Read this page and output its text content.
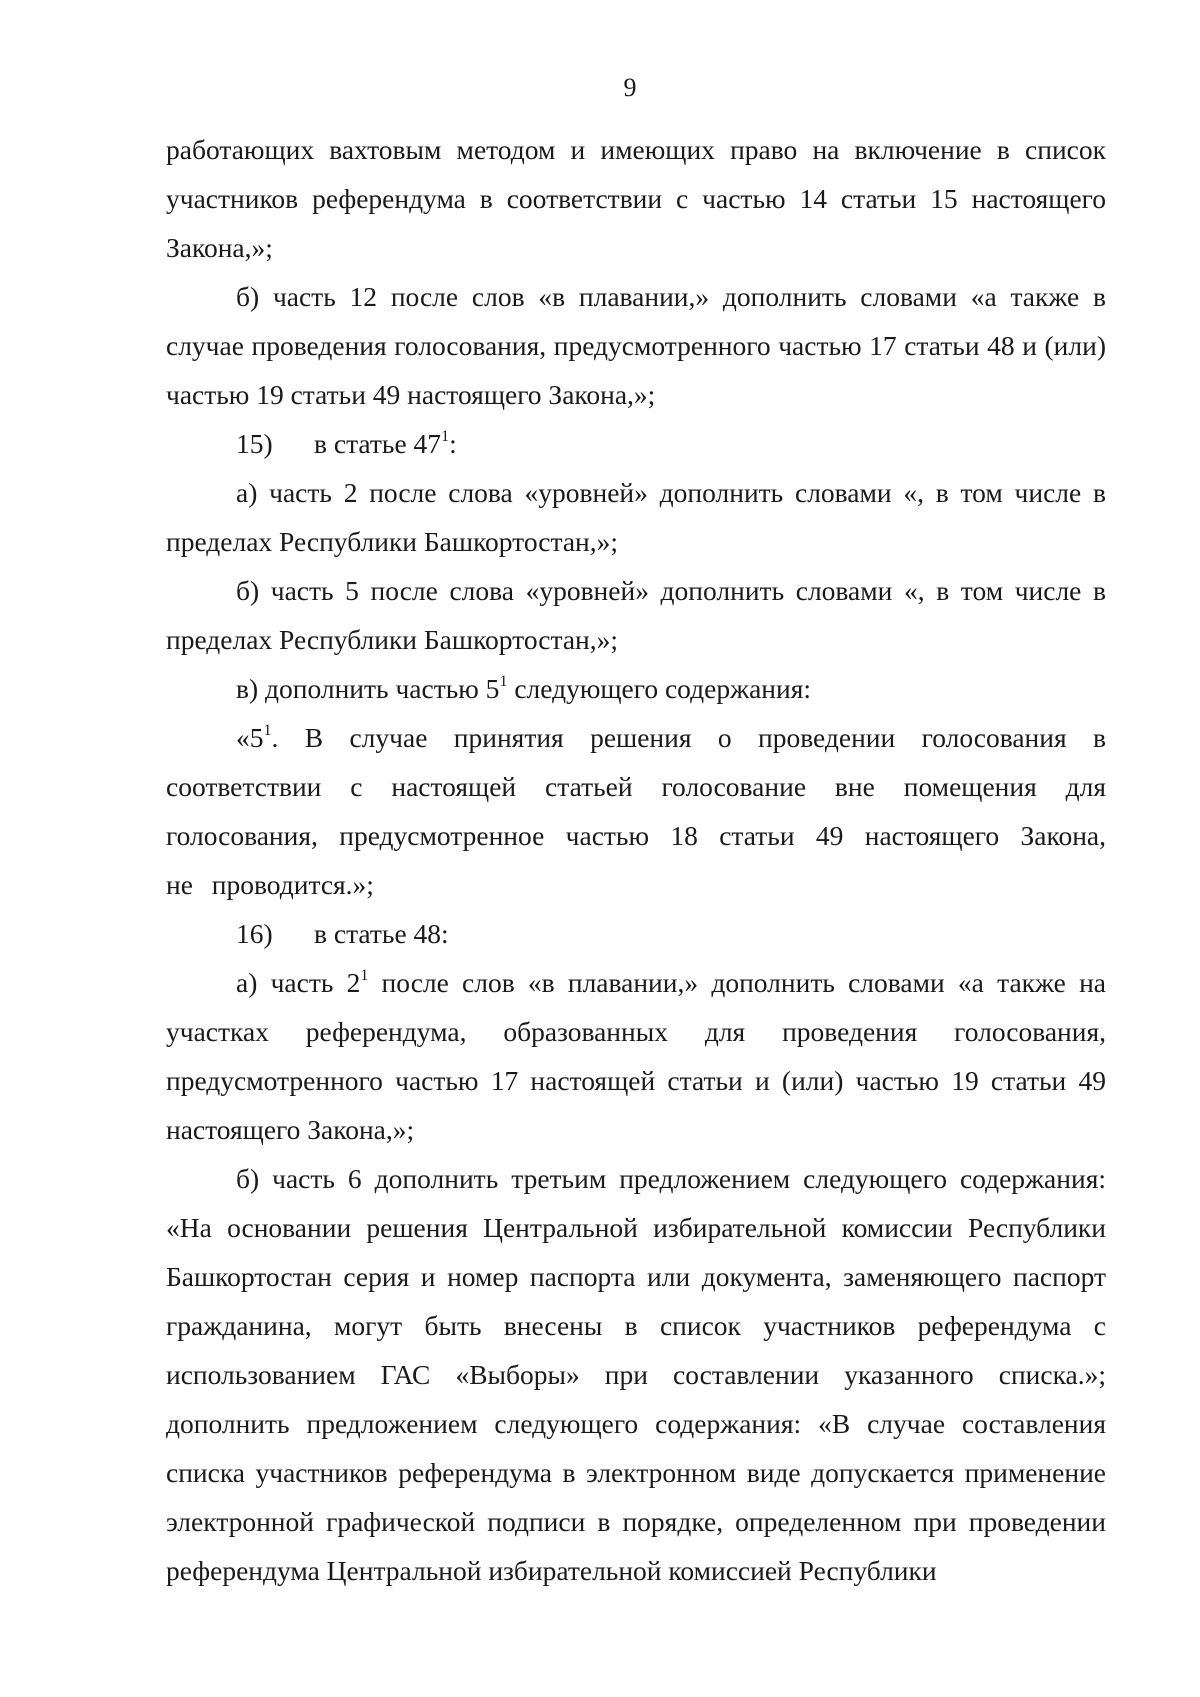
9

работающих вахтовым методом и имеющих право на включение в список участников референдума в соответствии с частью 14 статьи 15 настоящего Закона,»;

б) часть 12 после слов «в плавании,» дополнить словами «а также в случае проведения голосования, предусмотренного частью 17 статьи 48 и (или) частью 19 статьи 49 настоящего Закона,»;

15) в статье $47^1$:

а) часть 2 после слова «уровней» дополнить словами «, в том числе в пределах Республики Башкортостан,»;

б) часть 5 после слова «уровней» дополнить словами «, в том числе в пределах Республики Башкортостан,»;

в) дополнить частью $5^1$ следующего содержания:

«$5^1$. В случае принятия решения о проведении голосования в соответствии с настоящей статьей голосование вне помещения для голосования, предусмотренное частью 18 статьи 49 настоящего Закона, не проводится.»;

16) в статье 48:

а) часть $2^1$ после слов «в плавании,» дополнить словами «а также на участках референдума, образованных для проведения голосования, предусмотренного частью 17 настоящей статьи и (или) частью 19 статьи 49 настоящего Закона,»;

б) часть 6 дополнить третьим предложением следующего содержания: «На основании решения Центральной избирательной комиссии Республики Башкортостан серия и номер паспорта или документа, заменяющего паспорт гражданина, могут быть внесены в список участников референдума с использованием ГАС «Выборы» при составлении указанного списка.»; дополнить предложением следующего содержания: «В случае составления списка участников референдума в электронном виде допускается применение электронной графической подписи в порядке, определенном при проведении референдума Центральной избирательной комиссией Республики
